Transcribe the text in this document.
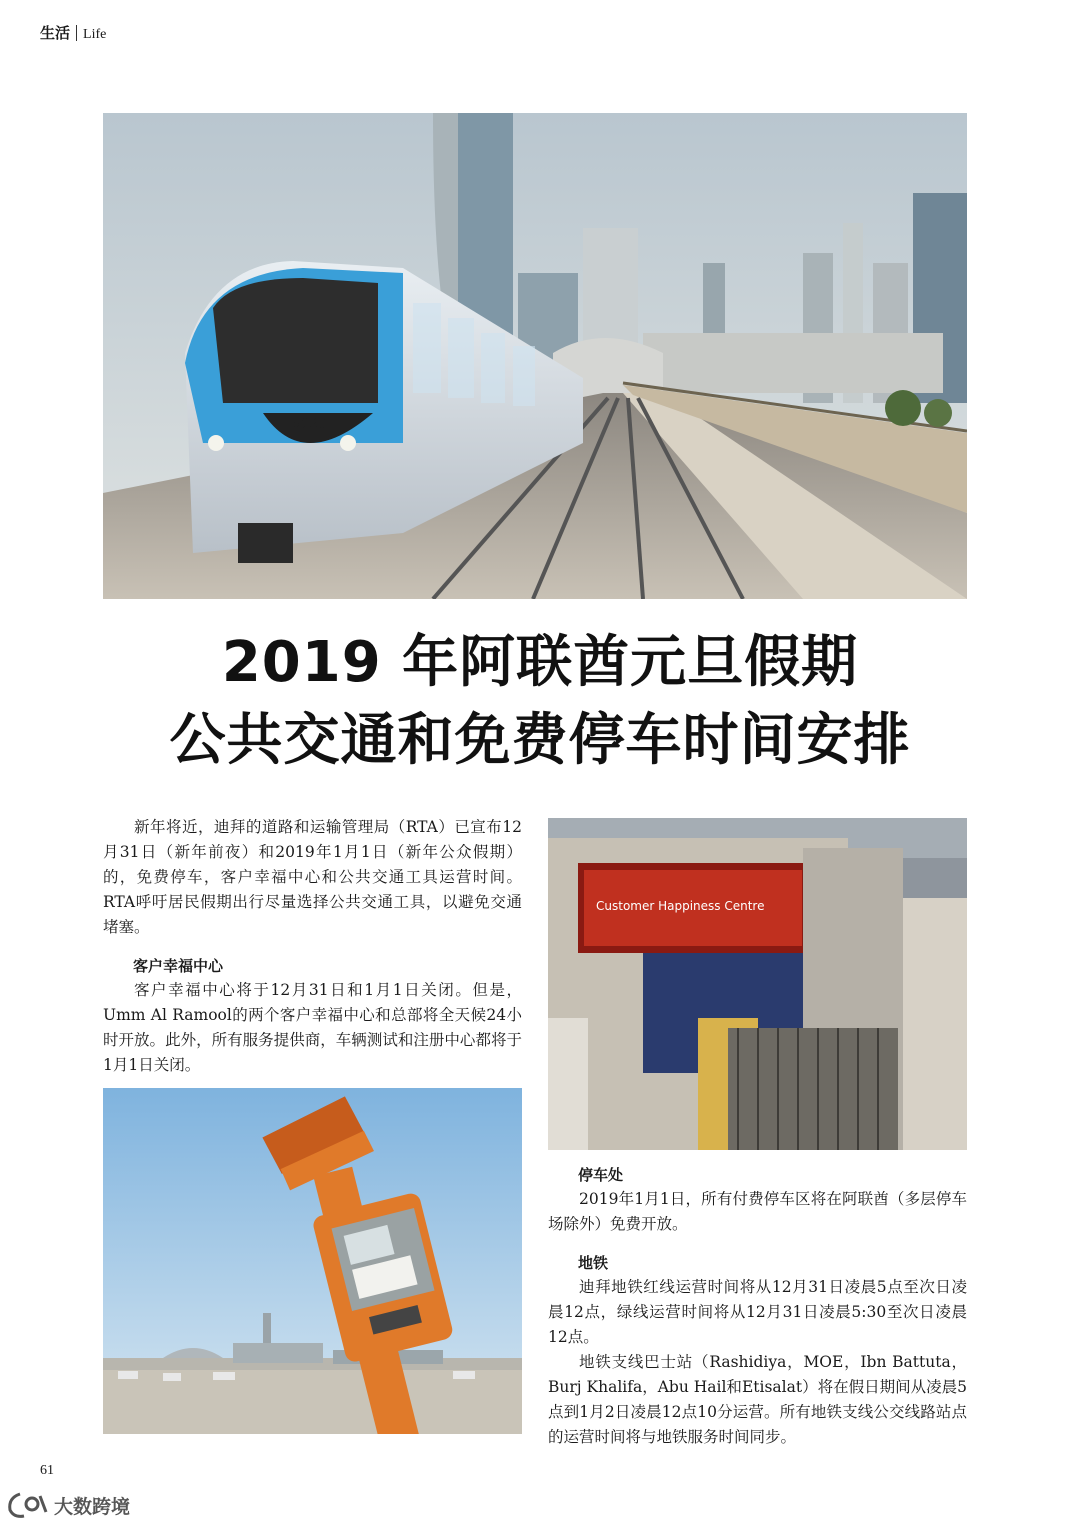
生活 Life
5030
2019 年阿联酋元旦假期
公共交通和免费停车时间安排

新年将近，迪拜的道路和运输管理局（RTA）已宣布12月31日（新年前夜）和2019年1月1日（新年公众假期）的，免费停车，客户幸福中心和公共交通工具运营时间。RTA呼吁居民假期出行尽量选择公共交通工具，以避免交通堵塞。

客户幸福中心

客户幸福中心将于12月31日和1月1日关闭。但是，Umm Al Ramool的两个客户幸福中心和总部将全天候24小时开放。此外，所有服务提供商，车辆测试和注册中心都将于1月1日关闭。

Customer Happiness Centre
停车处

2019年1月1日，所有付费停车区将在阿联酋（多层停车场除外）免费开放。

地铁

迪拜地铁红线运营时间将从12月31日凌晨5点至次日凌晨12点，绿线运营时间将从12月31日凌晨5:30至次日凌晨12点。

地铁支线巴士站（Rashidiya，MOE，Ibn Battuta，Burj Khalifa，Abu Hail和Etisalat）将在假日期间从凌晨5点到1月2日凌晨12点10分运营。所有地铁支线公交线路站点的运营时间将与地铁服务时间同步。

61
大数跨境
